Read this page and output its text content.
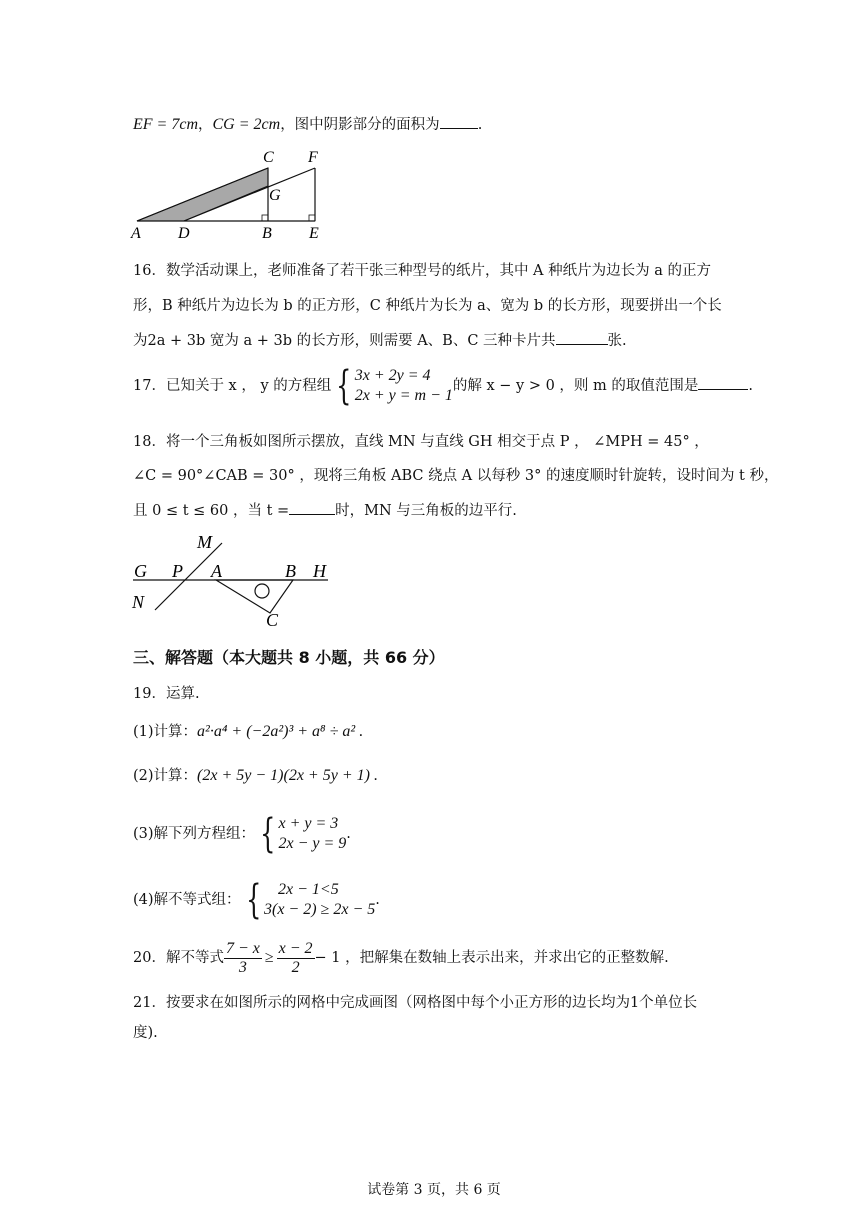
EF = 7cm，CG = 2cm，图中阴影部分的面积为	.
C F
G
A D	B E
16．数学活动课上，老师准备了若干张三种型号的纸片，其中 A 种纸片为边长为 a 的正方
形，B 种纸片为边长为 b 的正方形，C 种纸片为长为 a、宽为 b 的长方形，现要拼出一个长
为2a + 3b 宽为 a + 3b 的长方形，则需要 A、B、C 三种卡片共	张.
17．已知关于 x ， y 的方程组 { 3x + 2y = 4
2x + y = m − 1
的解 x − y > 0 ，则 m 的取值范围是	.
18．将一个三角板如图所示摆放，直线 MN 与直线 GH 相交于点 P ， ∠MPH = 45° ，
∠C = 90°∠CAB = 30° ，现将三角板 ABC 绕点 A 以每秒 3° 的速度顺时针旋转，设时间为 t 秒，
且 0 ≤ t ≤ 60 ，当 t =	时，MN 与三角板的边平行.
M
G P A	B H
N
C
三、解答题（本大题共 8 小题，共 66 分）
19．运算.
(1)计算：a²·a⁴ + (−2a²)³ + a⁸ ÷ a² .
(2)计算：(2x + 5y − 1)(2x + 5y + 1) .
(3)解下列方程组： { x + y = 3
2x − y = 9
.
(4)解不等式组： {	2x − 1<5
3(x − 2) ≥ 2x − 5
.
20．解不等式 $\frac{7 - x}{3} \ge \frac{x - 2}{2} - 1$ ，把解集在数轴上表示出来，并求出它的正整数解.
21．按要求在如图所示的网格中完成画图（网格图中每个小正方形的边长均为1个单位长
度).
试卷第 3 页，共 6 页
